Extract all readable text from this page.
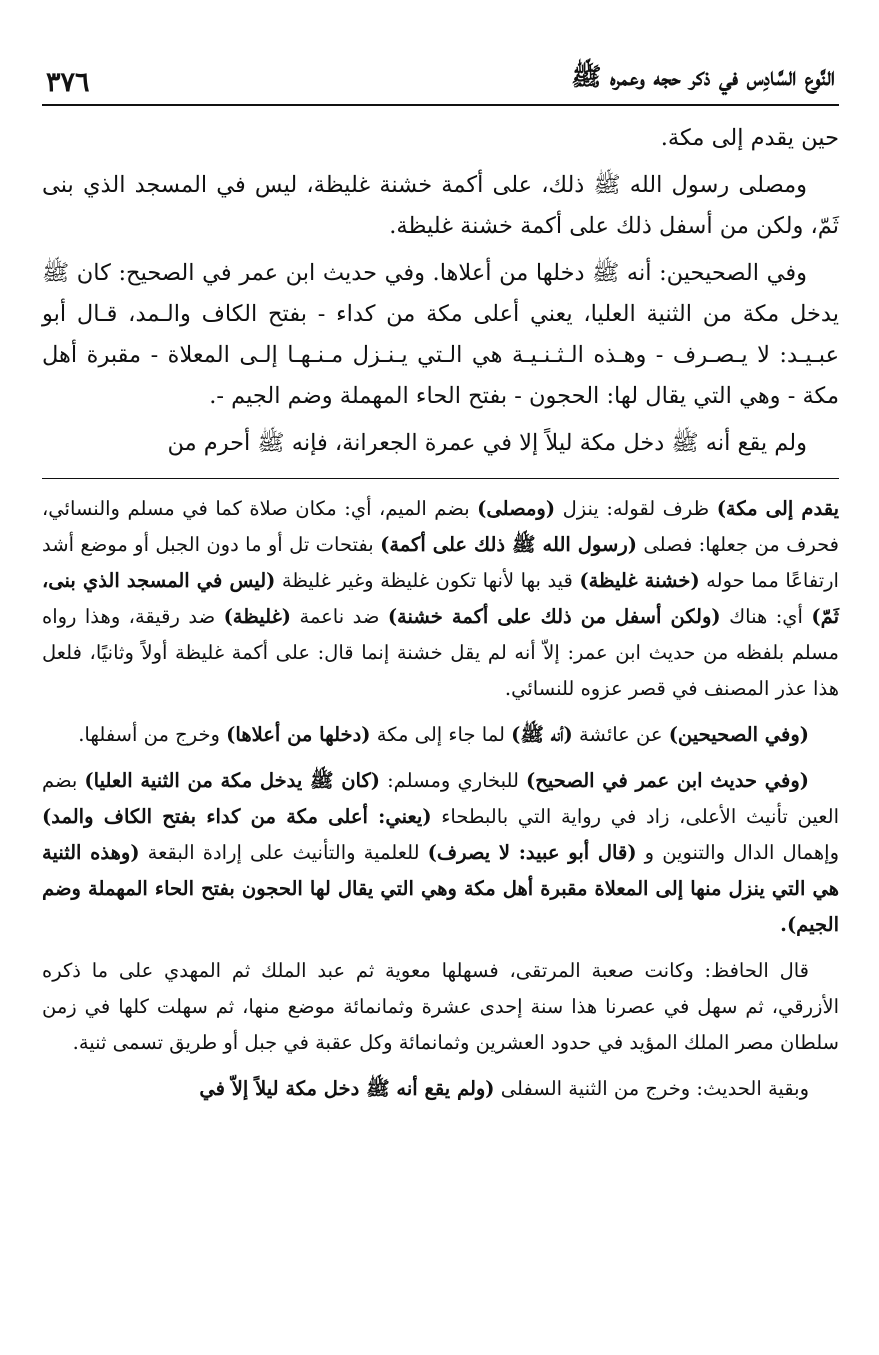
النَّوع السَّادِس في ذكر حجه وعمره ﷺ
٣٧٦

حين يقدم إلى مكة.

ومصلى رسول الله ﷺ ذلك، على أكمة خشنة غليظة، ليس في المسجد الذي بنى ثَمّ، ولكن من أسفل ذلك على أكمة خشنة غليظة.

وفي الصحيحين: أنه ﷺ دخلها من أعلاها. وفي حديث ابن عمر في الصحيح: كان ﷺ يدخل مكة من الثنية العليا، يعني أعلى مكة من كداء - بفتح الكاف والـمد، قـال أبو عبـيـد: لا يـصـرف - وهـذه الـثـنـيـة هي الـتي يـنـزل مـنـهـا إلـى المعلاة - مقبرة أهل مكة - وهي التي يقال لها: الحجون - بفتح الحاء المهملة وضم الجيم -.

ولم يقع أنه ﷺ دخل مكة ليلاً إلا في عمرة الجعرانة، فإنه ﷺ أحرم من

يقدم إلى مكة) ظرف لقوله: ينزل (ومصلى) بضم الميم، أي: مكان صلاة كما في مسلم والنسائي، فحرف من جعلها: فصلى (رسول الله ﷺ ذلك على أكمة) بفتحات تل أو ما دون الجبل أو موضع أشد ارتفاعًا مما حوله (خشنة غليظة) قيد بها لأنها تكون غليظة وغير غليظة (ليس في المسجد الذي بنى، ثَمّ) أي: هناك (ولكن أسفل من ذلك على أكمة خشنة) ضد ناعمة (غليظة) ضد رقيقة، وهذا رواه مسلم بلفظه من حديث ابن عمر: إلاّ أنه لم يقل خشنة إنما قال: على أكمة غليظة أولاً وثانيًا، فلعل هذا عذر المصنف في قصر عزوه للنسائي.

(وفي الصحيحين) عن عائشة (أنه ﷺ) لما جاء إلى مكة (دخلها من أعلاها) وخرج من أسفلها.

(وفي حديث ابن عمر في الصحيح) للبخاري ومسلم: (كان ﷺ يدخل مكة من الثنية العليا) بضم العين تأنيث الأعلى، زاد في رواية التي بالبطحاء (يعني: أعلى مكة من كداء بفتح الكاف والمد) وإهمال الدال والتنوين و (قال أبو عبيد: لا يصرف) للعلمية والتأنيث على إرادة البقعة (وهذه الثنية هي التي ينزل منها إلى المعلاة مقبرة أهل مكة وهي التي يقال لها الحجون بفتح الحاء المهملة وضم الجيم).

قال الحافظ: وكانت صعبة المرتقى، فسهلها معوية ثم عبد الملك ثم المهدي على ما ذكره الأزرقي، ثم سهل في عصرنا هذا سنة إحدى عشرة وثمانمائة موضع منها، ثم سهلت كلها في زمن سلطان مصر الملك المؤيد في حدود العشرين وثمانمائة وكل عقبة في جبل أو طريق تسمى ثنية.

وبقية الحديث: وخرج من الثنية السفلى (ولم يقع أنه ﷺ دخل مكة ليلاً إلاّ في
